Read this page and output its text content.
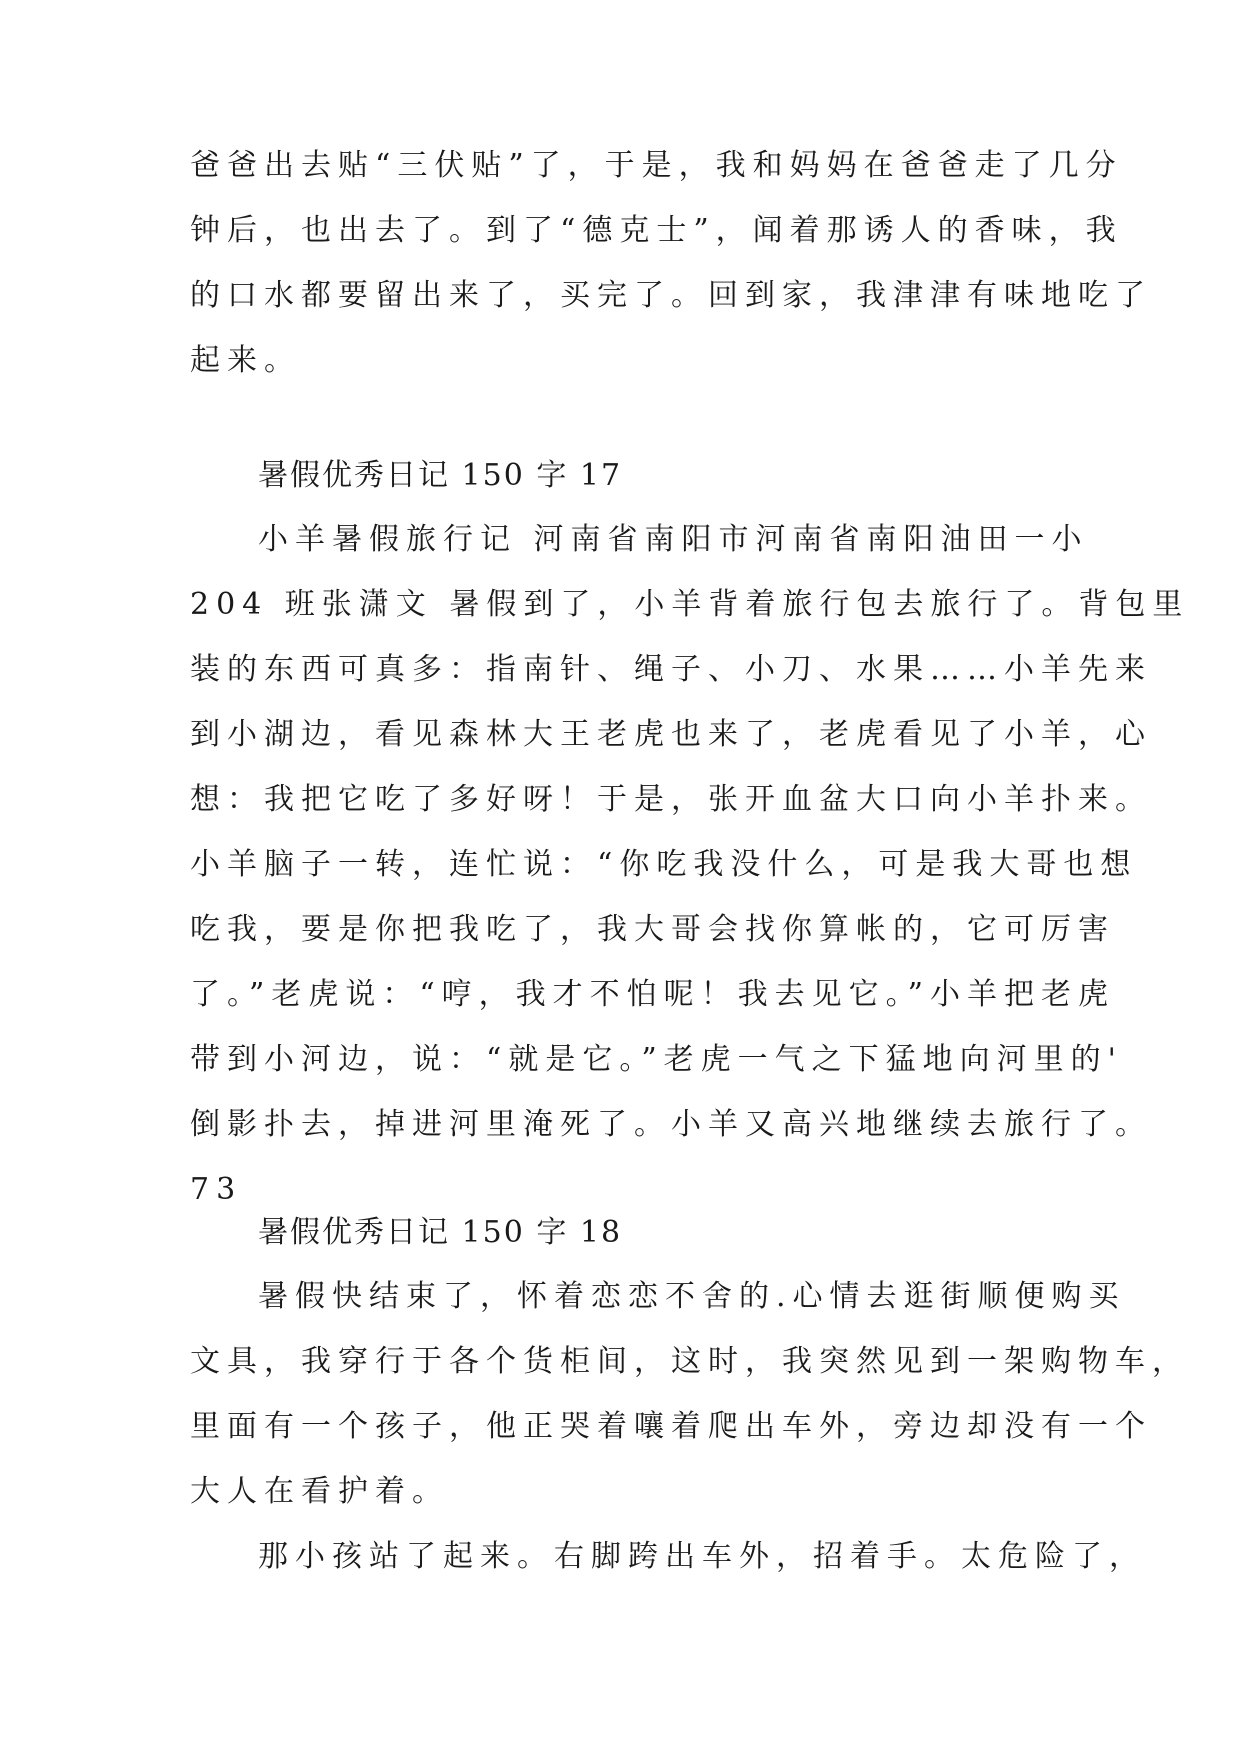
爸爸出去贴“三伏贴”了，于是，我和妈妈在爸爸走了几分
钟后，也出去了。到了“德克士”，闻着那诱人的香味，我
的口水都要留出来了，买完了。回到家，我津津有味地吃了
起来。
暑假优秀日记 150 字 17
小羊暑假旅行记 河南省南阳市河南省南阳油田一小
204 班张潇文 暑假到了，小羊背着旅行包去旅行了。背包里
装的东西可真多：指南针、绳子、小刀、水果……小羊先来
到小湖边，看见森林大王老虎也来了，老虎看见了小羊，心
想：我把它吃了多好呀！于是，张开血盆大口向小羊扑来。
小羊脑子一转，连忙说：“你吃我没什么，可是我大哥也想
吃我，要是你把我吃了，我大哥会找你算帐的，它可厉害
了。”老虎说：“哼，我才不怕呢！我去见它。”小羊把老虎
带到小河边，说：“就是它。”老虎一气之下猛地向河里的'
倒影扑去，掉进河里淹死了。小羊又高兴地继续去旅行了。
73
暑假优秀日记 150 字 18
暑假快结束了，怀着恋恋不舍的.心情去逛街顺便购买
文具，我穿行于各个货柜间，这时，我突然见到一架购物车，
里面有一个孩子，他正哭着嚷着爬出车外，旁边却没有一个
大人在看护着。
那小孩站了起来。右脚跨出车外，招着手。太危险了，
